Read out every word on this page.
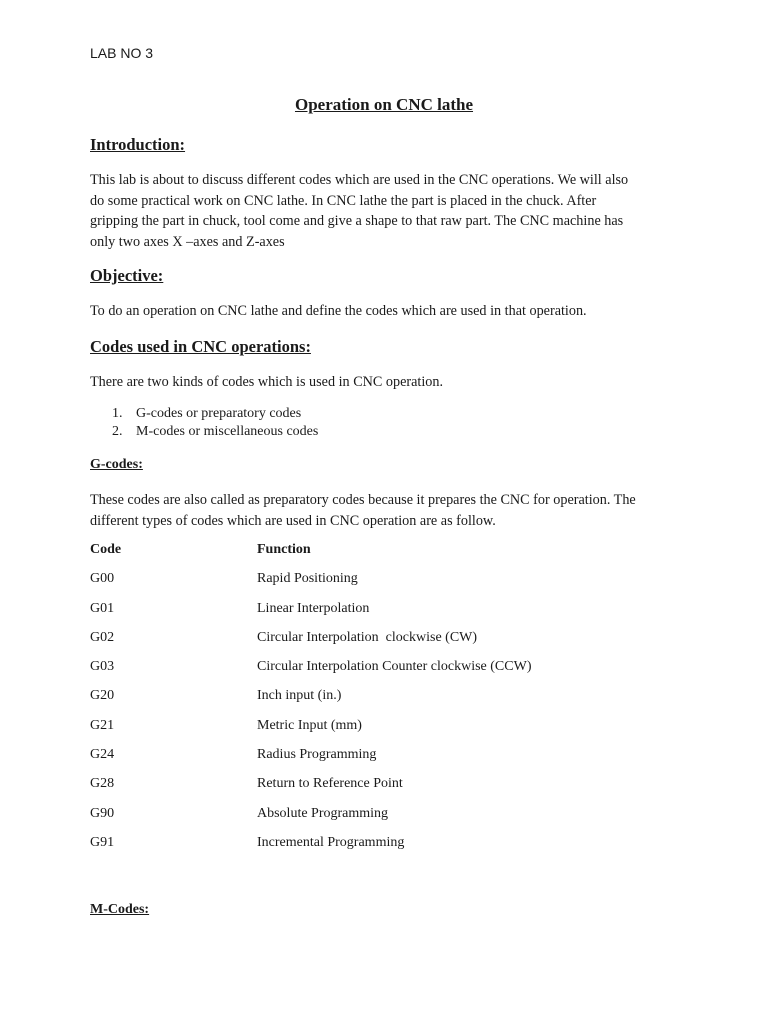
LAB NO 3
Operation on CNC lathe
Introduction:
This lab is about to discuss different codes which are used in the CNC operations. We will also
do some practical work on CNC lathe. In CNC lathe the part is placed in the chuck. After
gripping the part in chuck, tool come and give a shape to that raw part. The CNC machine has
only two axes X –axes and Z-axes
Objective:
To do an operation on CNC lathe and define the codes which are used in that operation.
Codes used in CNC operations:
There are two kinds of codes which is used in CNC operation.
1. G-codes or preparatory codes
2. M-codes or miscellaneous codes
G-codes:
These codes are also called as preparatory codes because it prepares the CNC for operation. The
different types of codes which are used in CNC operation are as follow.
Code	Function
G00	Rapid Positioning
G01	Linear Interpolation
G02	Circular Interpolation  clockwise (CW)
G03	Circular Interpolation Counter clockwise (CCW)
G20	Inch input (in.)
G21	Metric Input (mm)
G24	Radius Programming
G28	Return to Reference Point
G90	Absolute Programming
G91	Incremental Programming
M-Codes:
